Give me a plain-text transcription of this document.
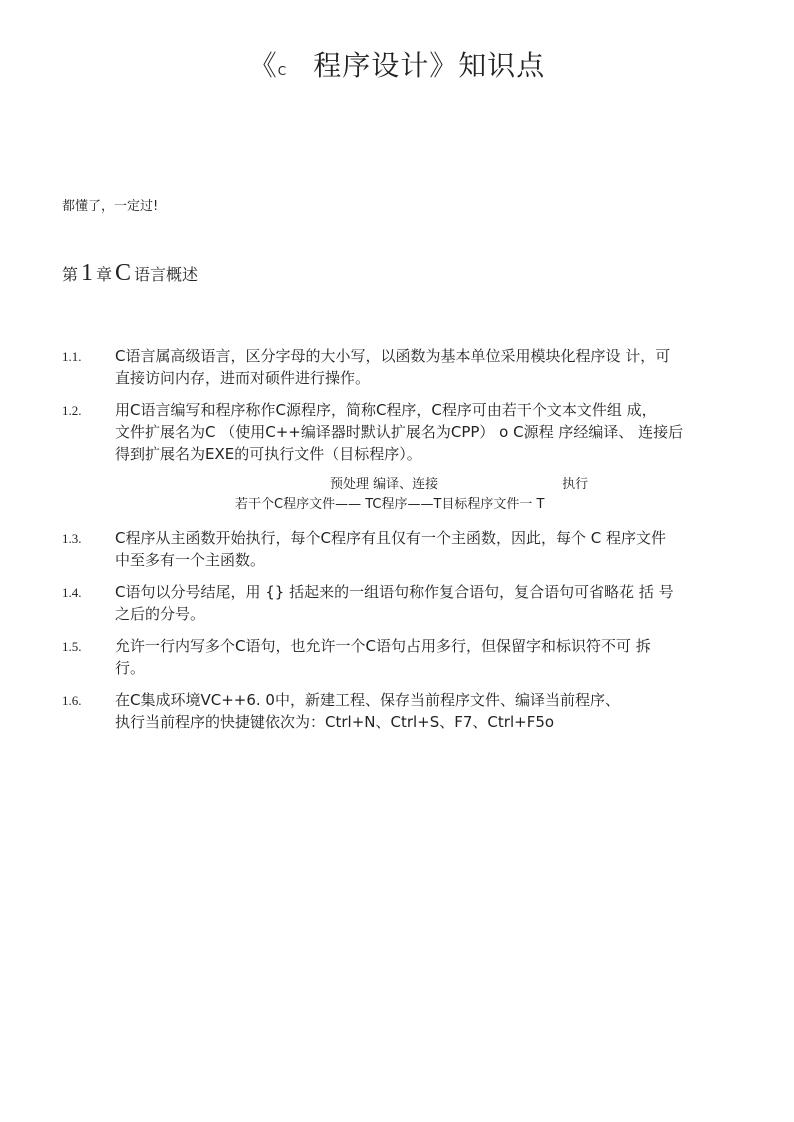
《C 程序设计》知识点
都懂了，一定过!
第 1 章 C 语言概述
1.1.	C语言属高级语言，区分字母的大小写，以函数为基本单位采用模块化程序设 计，可
直接访问内存，进而对硕件进行操作。
1.2.	用C语言编写和程序称作C源程序，简称C程序，C程序可由若干个文本文件组 成，
文件扩展名为C （使用C++编译器时默认扩展名为CPP） o C源程 序经编译、 连接后
得到扩展名为EXE的可执行文件（目标程序）。
预处理 编译、连接                              执行
若干个C程序文件—— TC程序——T目标程序文件一 T
1.3.	C程序从主函数开始执行，每个C程序有且仅有一个主函数，因此，每个 C 程序文件
中至多有一个主函数。
1.4.	C语句以分号结尾，用 {} 括起来的一组语句称作复合语句，复合语句可省略花 括 号
之后的分号。
1.5.	允许一行内写多个C语句，也允许一个C语句占用多行，但保留字和标识符不可 拆
行。
1.6.	在C集成环境VC++6. 0中，新建工程、保存当前程序文件、编译当前程序、
执行当前程序的快捷键依次为：Ctrl+N、Ctrl+S、F7、Ctrl+F5o
